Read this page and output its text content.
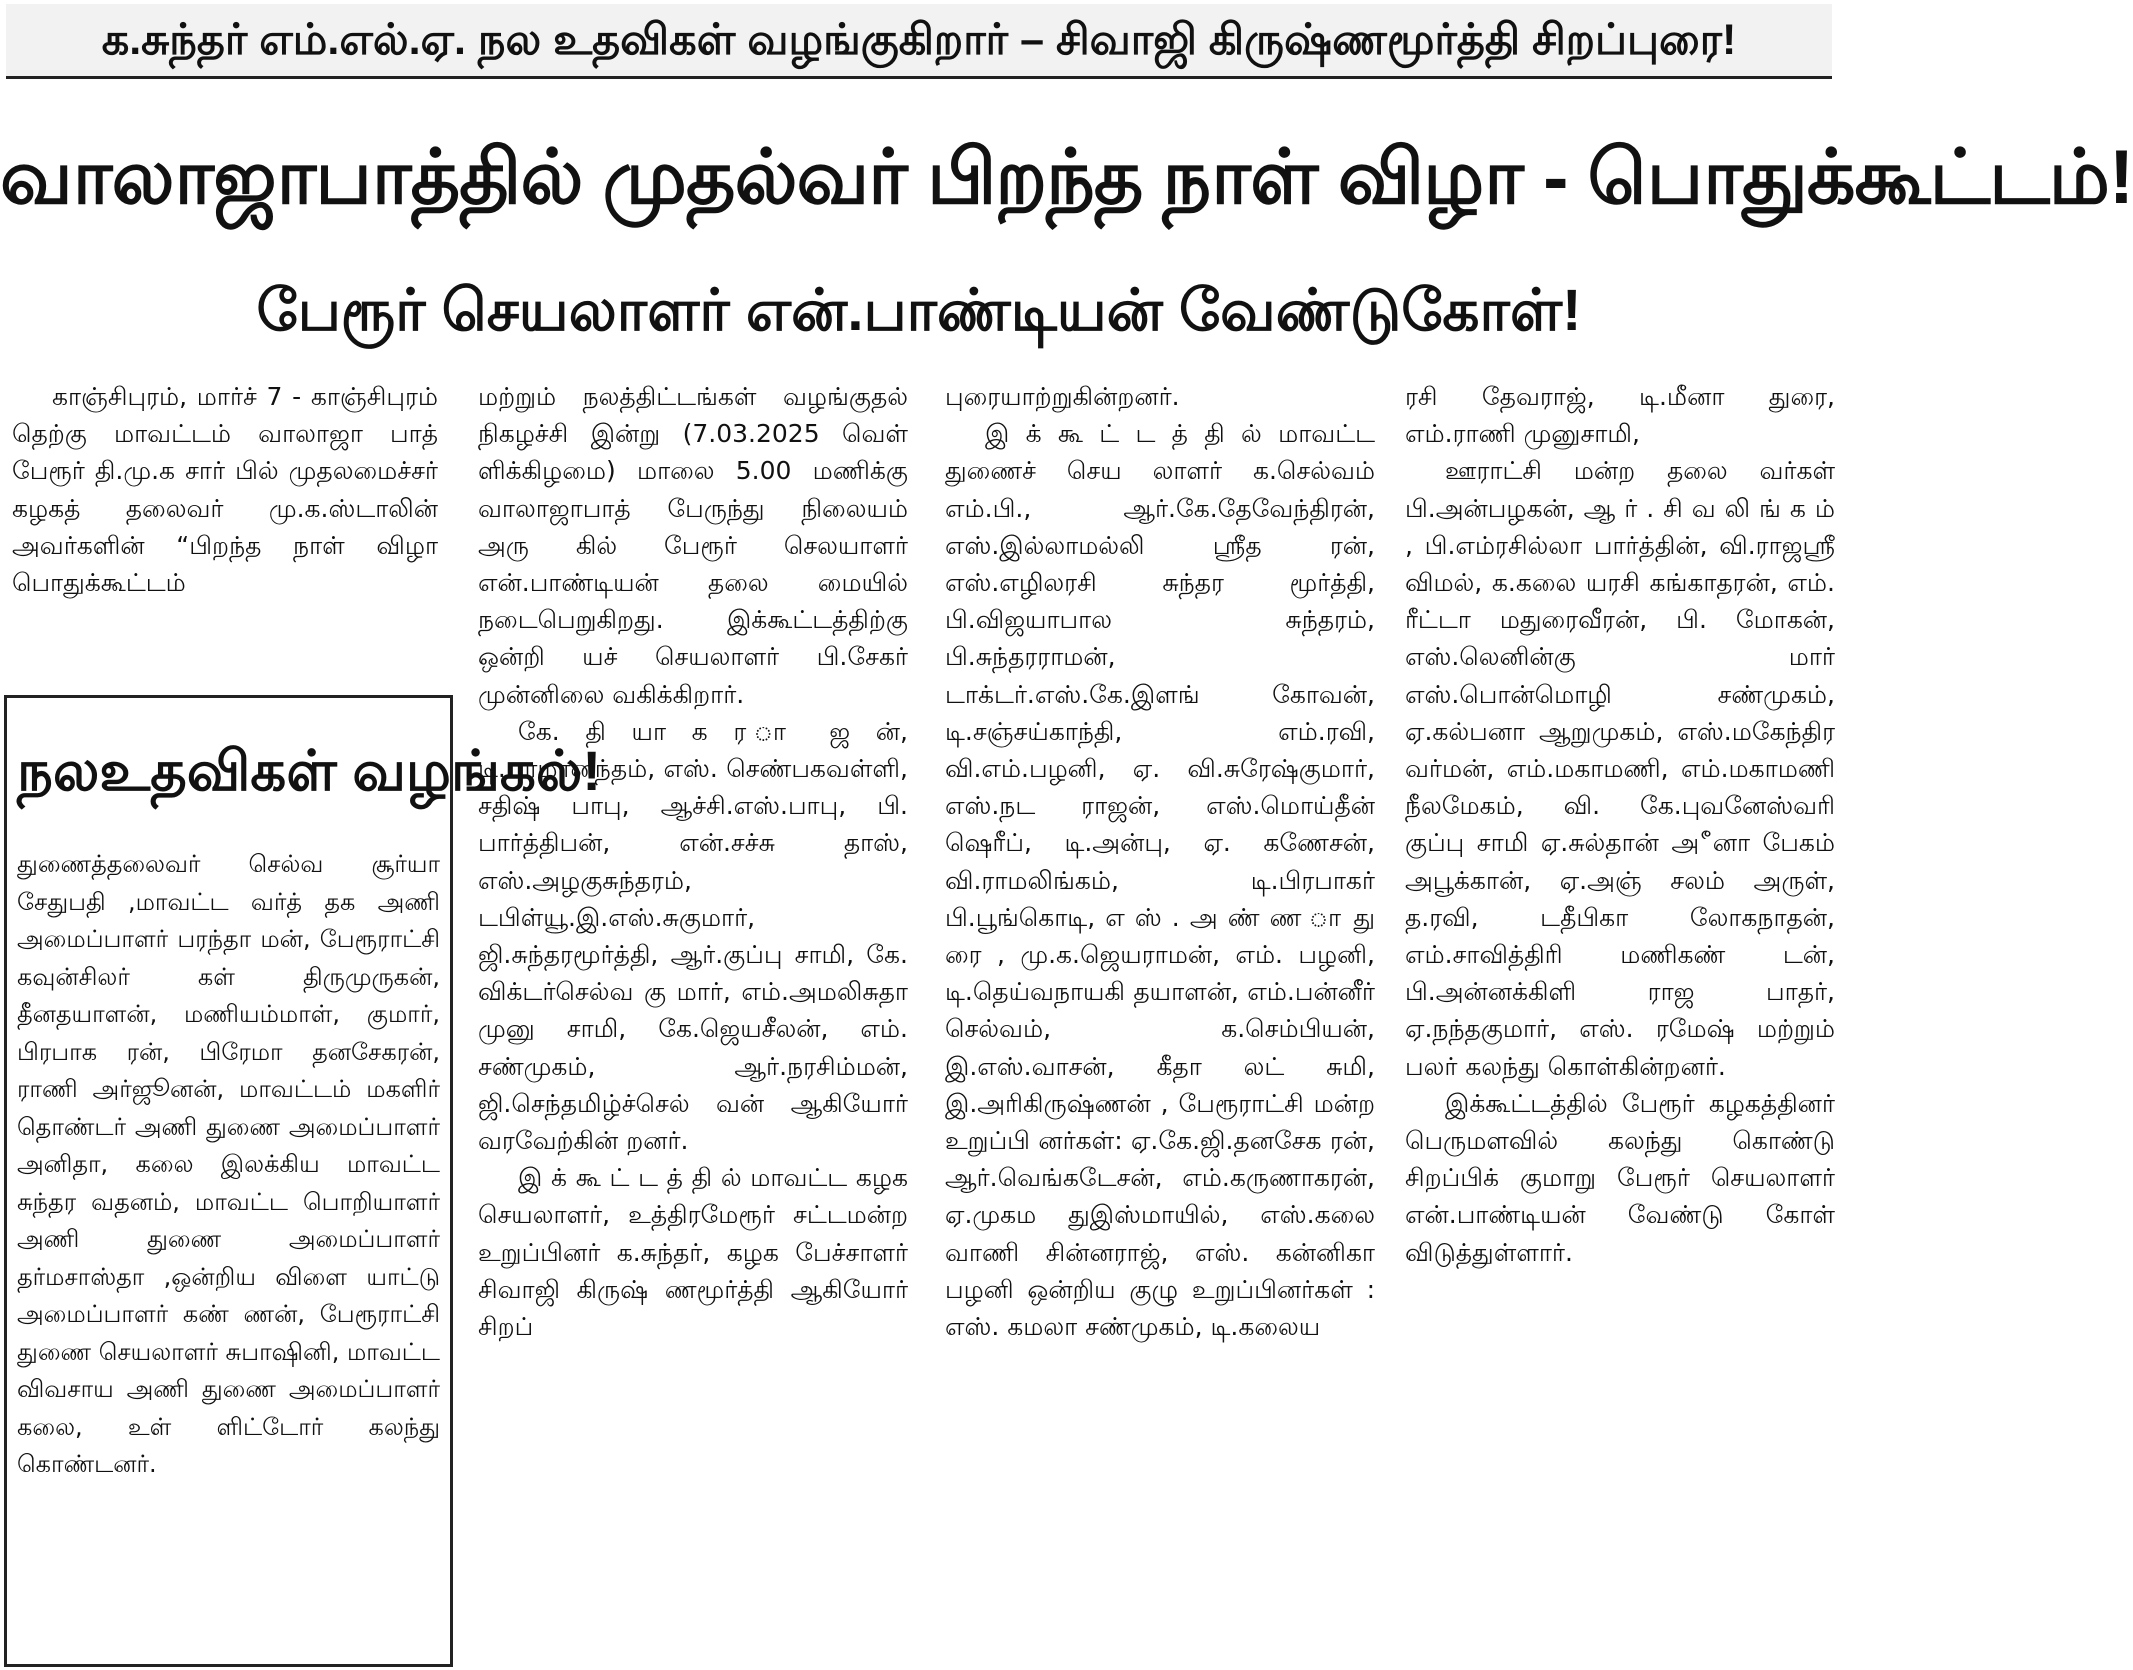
க.சுந்தர் எம்.எல்.ஏ. நல உதவிகள் வழங்குகிறார் – சிவாஜி கிருஷ்ணமூர்த்தி சிறப்புரை!
வாலாஜாபாத்தில் முதல்வர் பிறந்த நாள் விழா - பொதுக்கூட்டம்!
பேரூர் செயலாளர் என்.பாண்டியன் வேண்டுகோள்!

காஞ்சிபுரம், மார்ச் 7 - காஞ்சிபுரம் தெற்கு மாவட்டம் வாலாஜா பாத் பேரூர் தி.மு.க சார் பில் முதலமைச்சர் கழகத் தலைவர் மு.க.ஸ்டாலின் அவர்களின் “பிறந்த நாள் விழா பொதுக்கூட்டம்

நலஉதவிகள் வழங்கல்!
துணைத்தலைவர் செல்வ சூர்யா சேதுபதி ,மாவட்ட வர்த் தக அணி அமைப்பாளர் பரந்தா மன், பேரூராட்சி கவுன்சிலர் கள் திருமுருகன், தீனதயாளன், மணியம்மாள், குமார், பிரபாக ரன், பிரேமா தனசேகரன், ராணி அர்ஜூனன், மாவட்டம் மகளிர் தொண்டர் அணி துணை அமைப்பாளர் அனிதா, கலை இலக்கிய மாவட்ட சுந்தர வதனம், மாவட்ட பொறியாளர் அணி துணை அமைப்பாளர் தர்மசாஸ்தா ,ஒன்றிய விளை யாட்டு அமைப்பாளர் கண் ணன், பேரூராட்சி துணை செயலாளர் சுபாஷினி, மாவட்ட விவசாய அணி துணை அமைப்பாளர் கலை, உள் ளிட்டோர் கலந்து கொண்டனர்.

மற்றும் நலத்திட்டங்கள் வழங்குதல் நிகழச்சி இன்று (7.03.2025 வெள் ளிக்கிழமை) மாலை 5.00 மணிக்கு வாலாஜாபாத் பேருந்து நிலையம் அரு கில் பேரூர் செலயாளர் என்.பாண்டியன் தலை மையில் நடைபெறுகிறது. இக்கூட்டத்திற்கு ஒன்றி யச் செயலாளர் பி.சேகர் முன்னிலை வகிக்கிறார்.

கே. தி யா க ர ா ஜ ன், டி.பரமானந்தம், எஸ். செண்பகவள்ளி, சதிஷ் பாபு, ஆச்சி.எஸ்.பாபு, பி. பார்த்திபன், என்.சச்சு தாஸ், எஸ்.அழகுசுந்தரம், டபிள்யூ.இ.எஸ்.சுகுமார், ஜி.சுந்தரமூர்த்தி, ஆர்.குப்பு சாமி, கே. விக்டர்செல்வ கு மார், எம்.அமலிசுதா முனு சாமி, கே.ஜெயசீலன், எம். சண்முகம், ஆர்.நரசிம்மன், ஜி.செந்தமிழ்ச்செல் வன் ஆகியோர் வரவேற்கின் றனர்.

இ க் கூ ட் ட த் தி ல் மாவட்ட கழக செயலாளர், உத்திரமேரூர் சட்டமன்ற உறுப்பினர் க.சுந்தர், கழக பேச்சாளர் சிவாஜி கிருஷ் ணமூர்த்தி ஆகியோர் சிறப்

புரையாற்றுகின்றனர்.

இ க் கூ ட் ட த் தி ல் மாவட்ட துணைச் செய லாளர் க.செல்வம் எம்.பி., ஆர்.கே.தேவேந்திரன், எஸ்.இல்லாமல்லி ஸ்ரீத ரன், எஸ்.எழிலரசி சுந்தர மூர்த்தி, பி.விஜயாபால சுந்தரம், பி.சுந்தரராமன், டாக்டர்.எஸ்.கே.இளங் கோவன், டி.சஞ்சய்காந்தி, எம்.ரவி, வி.எம்.பழனி, ஏ. வி.சுரேஷ்குமார், எஸ்.நட ராஜன், எஸ்.மொய்தீன் ஷெரீப், டி.அன்பு, ஏ. கணேசன், வி.ராமலிங்கம், டி.பிரபாகர் பி.பூங்கொடி, எ ஸ் . அ ண் ண ா து ரை , மு.க.ஜெயராமன், எம். பழனி, டி.தெய்வநாயகி தயாளன், எம்.பன்னீர் செல்வம், க.செம்பியன், இ.எஸ்.வாசன், கீதா லட் சுமி, இ.அரிகிருஷ்ணன் , பேரூராட்சி மன்ற உறுப்பி னர்கள்: ஏ.கே.ஜி.தனசேக ரன், ஆர்.வெங்கடேசன், எம்.கருணாகரன், ஏ.முகம துஇஸ்மாயில், எஸ்.கலை வாணி சின்னராஜ், எஸ். கன்னிகா பழனி ஒன்றிய குழு உறுப்பினர்கள் : எஸ். கமலா சண்முகம், டி.கலைய

ரசி தேவராஜ், டி.மீனா துரை, எம்.ராணி முனுசாமி,

ஊராட்சி மன்ற தலை வர்கள் பி.அன்பழகன், ஆ ர் . சி வ லி ங் க ம் , பி.எம்ரசில்லா பார்த்தின், வி.ராஜஸ்ரீ விமல், க.கலை யரசி கங்காதரன், எம். ரீட்டா மதுரைவீரன், பி. மோகன், எஸ்.லெனின்கு மார் எஸ்.பொன்மொழி சண்முகம், ஏ.கல்பனா ஆறுமுகம், எஸ்.மகேந்திர வர்மன், எம்.மகாமணி, எம்.மகாமணி நீலமேகம், வி. கே.புவனேஸ்வரி குப்பு சாமி ஏ.சுல்தான் அீனா பேகம் அபூக்கான், ஏ.அஞ் சலம் அருள், த.ரவி, டதீபிகா லோகநாதன், எம்.சாவித்திரி மணிகண் டன், பி.அன்னக்கிளி ராஜ பாதர், ஏ.நந்தகுமார், எஸ். ரமேஷ் மற்றும் பலர் கலந்து கொள்கின்றனர்.

இக்கூட்டத்தில் பேரூர் கழகத்தினர் பெருமளவில் கலந்து கொண்டு சிறப்பிக் குமாறு பேரூர் செயலாளர் என்.பாண்டியன் வேண்டு கோள் விடுத்துள்ளார்.
